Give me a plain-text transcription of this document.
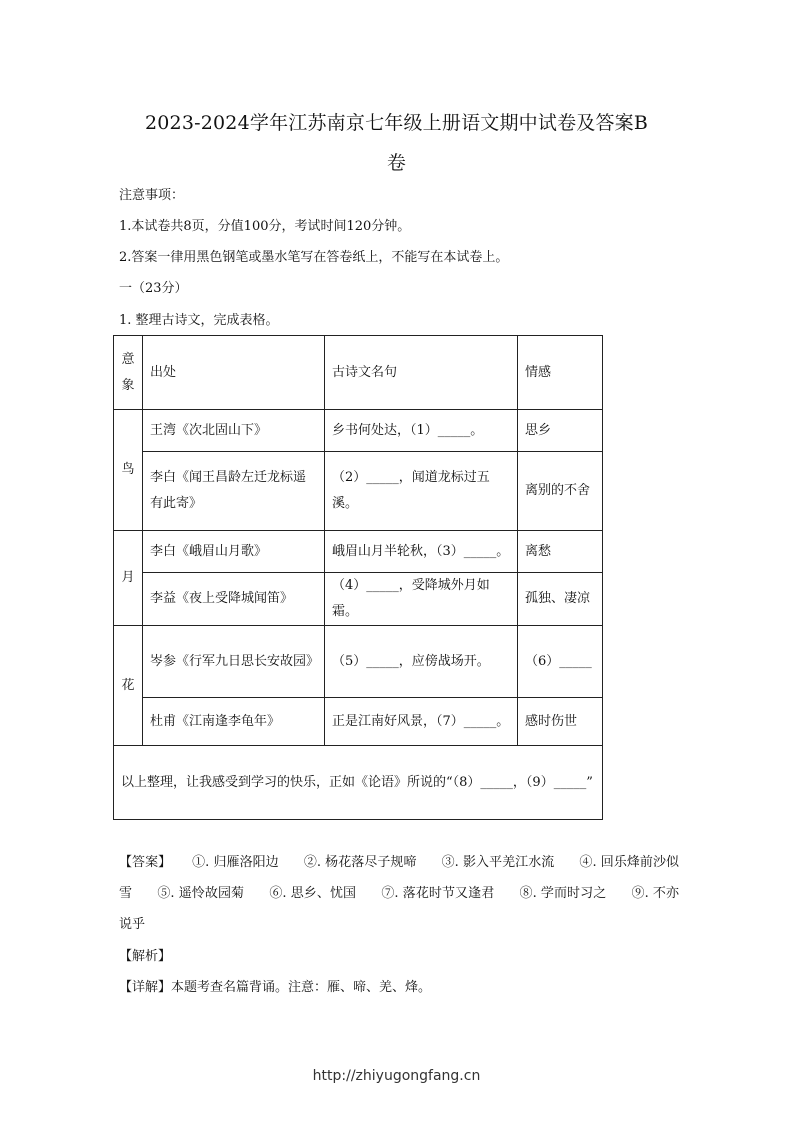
2023-2024学年江苏南京七年级上册语文期中试卷及答案B
卷
注意事项：
1.本试卷共8页，分值100分，考试时间120分钟。
2.答案一律用黑色钢笔或墨水笔写在答卷纸上，不能写在本试卷上。
一（23分）
1. 整理古诗文，完成表格。
意象	出处	古诗文名句	情感
鸟	王湾《次北固山下》	乡书何处达，（1）_____。	思乡
	李白《闻王昌龄左迁龙标遥有此寄》	（2）_____，闻道龙标过五溪。	离别的不舍
月	李白《峨眉山月歌》	峨眉山月半轮秋，（3）_____。	离愁
	李益《夜上受降城闻笛》	（4）_____，受降城外月如霜。	孤独、凄凉
花	岑参《行军九日思长安故园》	（5）_____，应傍战场开。	（6）_____
	杜甫《江南逢李龟年》	正是江南好风景，（7）_____。	感时伤世
以上整理，让我感受到学习的快乐，正如《论语》所说的“（8）_____，（9）_____”			
【答案】 ①. 归雁洛阳边 ②. 杨花落尽子规啼 ③. 影入平羌江水流 ④. 回乐烽前沙似雪 ⑤. 遥怜故园菊 ⑥. 思乡、忧国 ⑦. 落花时节又逢君 ⑧. 学而时习之 ⑨. 不亦说乎
【解析】
【详解】本题考查名篇背诵。注意：雁、啼、羌、烽。
http://zhiyugongfang.cn
